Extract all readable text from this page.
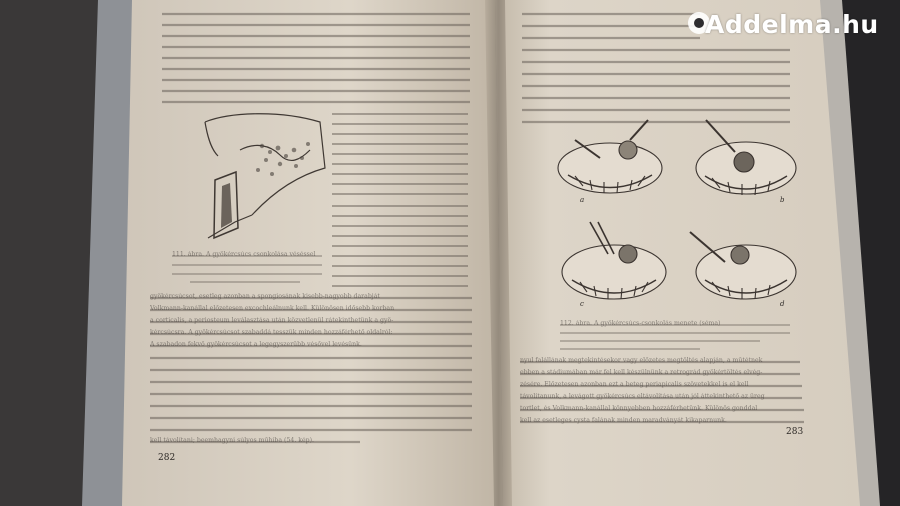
gyökércsúcsot, esetleg azonban a spongiosának kisebb-nagyobb darabját
Volkmann-kanállal előzetesen excochleálnunk kell. Különösen idősebb korban
a corticalis, a periosteum leválasztása után közvetlenül rátekinthetünk a gyö-
kércsúcsra. A gyökércsúcsot szabaddá tesszük minden hozzáférhető oldalról:
A szabadon fekvő gyökércsúcsot a legegyszerűbb vésővel levésünk.
kell távolítani; beemhagyni súlyos műhiba (54. kép).
111. ábra. A gyökércsúcs csonkolása véséssel
nyul falállának megtekintésekor vagy előzetes megtöltés alapján, a műtétnek
ebben a stádiumában már fel kell készülnünk a retrográd gyökértöltés elvég-
zésére. Előzetesen azonban ezt a beteg periapicalis szövetekkel is el kell
távolítanunk, a levágott gyökércsúcs eltávolítása után jól áttekinthető az üreg
tortlet, és Volkmann-kanállal könnyebben hozzáférhetünk. Különös gonddal
kell az esetleges cysta falának minden maradványát kikaparnunk.
112. ábra. A gyökércsúcs-csonkolás menete (séma)
a	b
c	d
282
283
Addelma.hu
